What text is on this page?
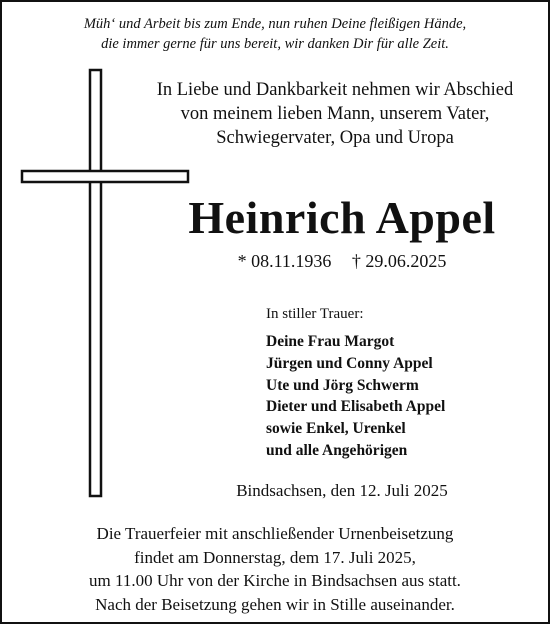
Müh‘ und Arbeit bis zum Ende, nun ruhen Deine fleißigen Hände,
die immer gerne für uns bereit, wir danken Dir für alle Zeit.
In Liebe und Dankbarkeit nehmen wir Abschied
von meinem lieben Mann, unserem Vater,
Schwiegervater, Opa und Uropa
Heinrich Appel
* 08.11.1936 † 29.06.2025
In stiller Trauer:
Deine Frau Margot
Jürgen und Conny Appel
Ute und Jörg Schwerm
Dieter und Elisabeth Appel
sowie Enkel, Urenkel
und alle Angehörigen
Bindsachsen, den 12. Juli 2025
Die Trauerfeier mit anschließender Urnenbeisetzung
findet am Donnerstag, dem 17. Juli 2025,
um 11.00 Uhr von der Kirche in Bindsachsen aus statt.
Nach der Beisetzung gehen wir in Stille auseinander.
